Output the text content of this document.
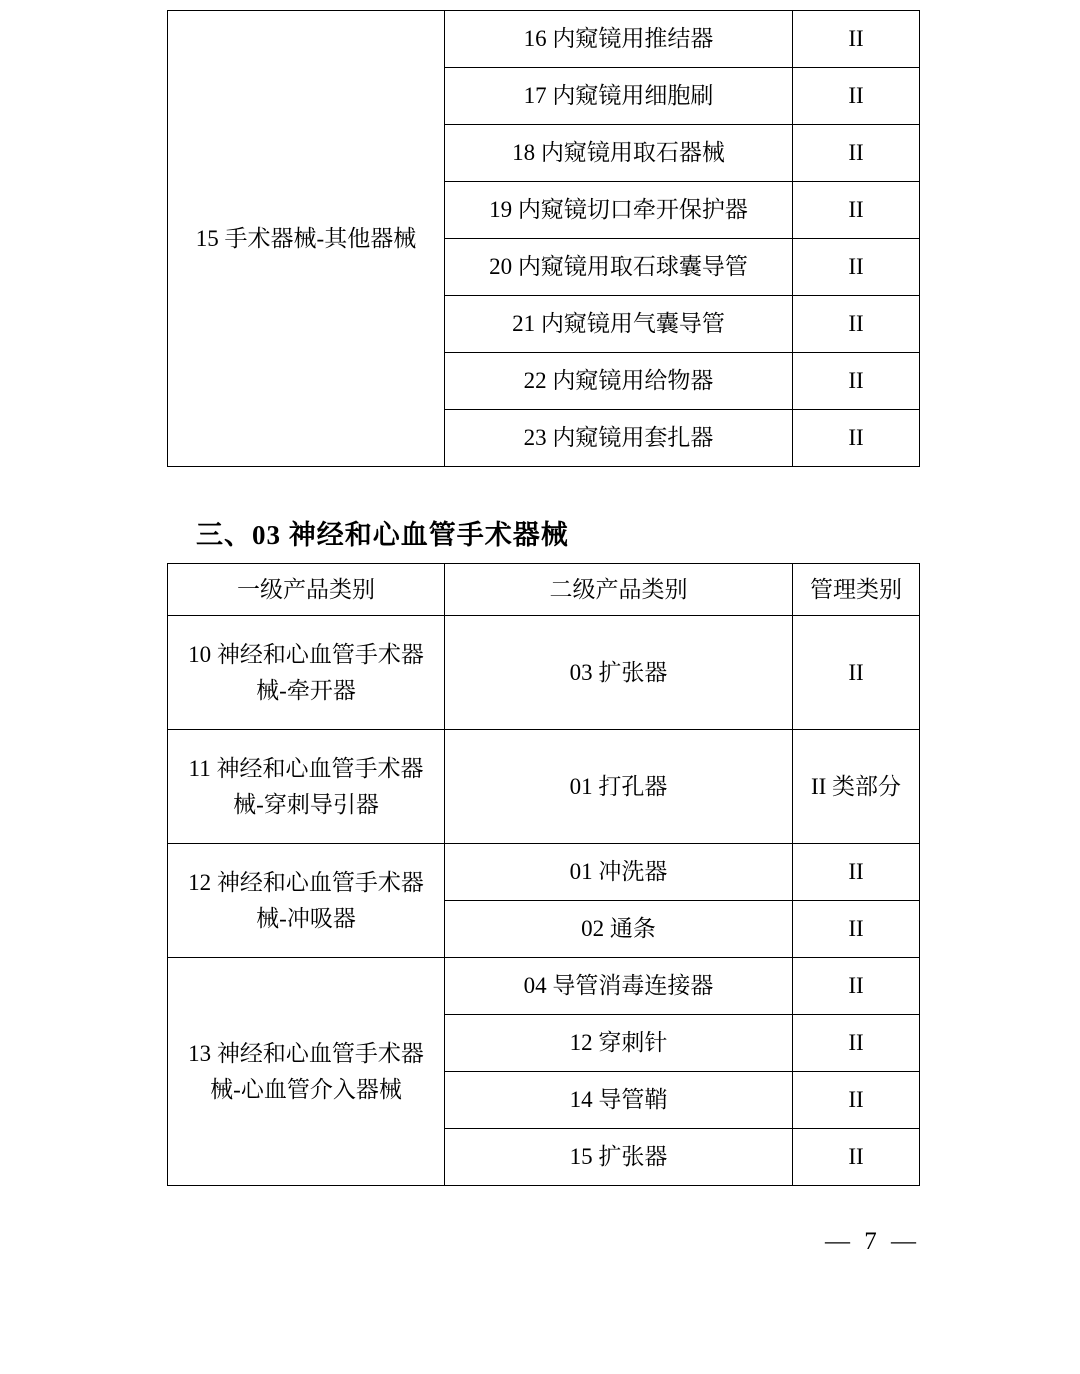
15 手术器械-其他器械	16 内窥镜用推结器	II
	17 内窥镜用细胞刷	II
	18 内窥镜用取石器械	II
	19 内窥镜切口牵开保护器	II
	20 内窥镜用取石球囊导管	II
	21 内窥镜用气囊导管	II
	22 内窥镜用给物器	II
	23 内窥镜用套扎器	II
三、03 神经和心血管手术器械
一级产品类别	二级产品类别	管理类别
10 神经和心血管手术器
械-牵开器	03 扩张器	II
11 神经和心血管手术器
械-穿刺导引器	01 打孔器	II 类部分
12 神经和心血管手术器
械-冲吸器	01 冲洗器	II
	02 通条	II
13 神经和心血管手术器
械-心血管介入器械	04 导管消毒连接器	II
	12 穿刺针	II
	14 导管鞘	II
	15 扩张器	II
— 7 —
